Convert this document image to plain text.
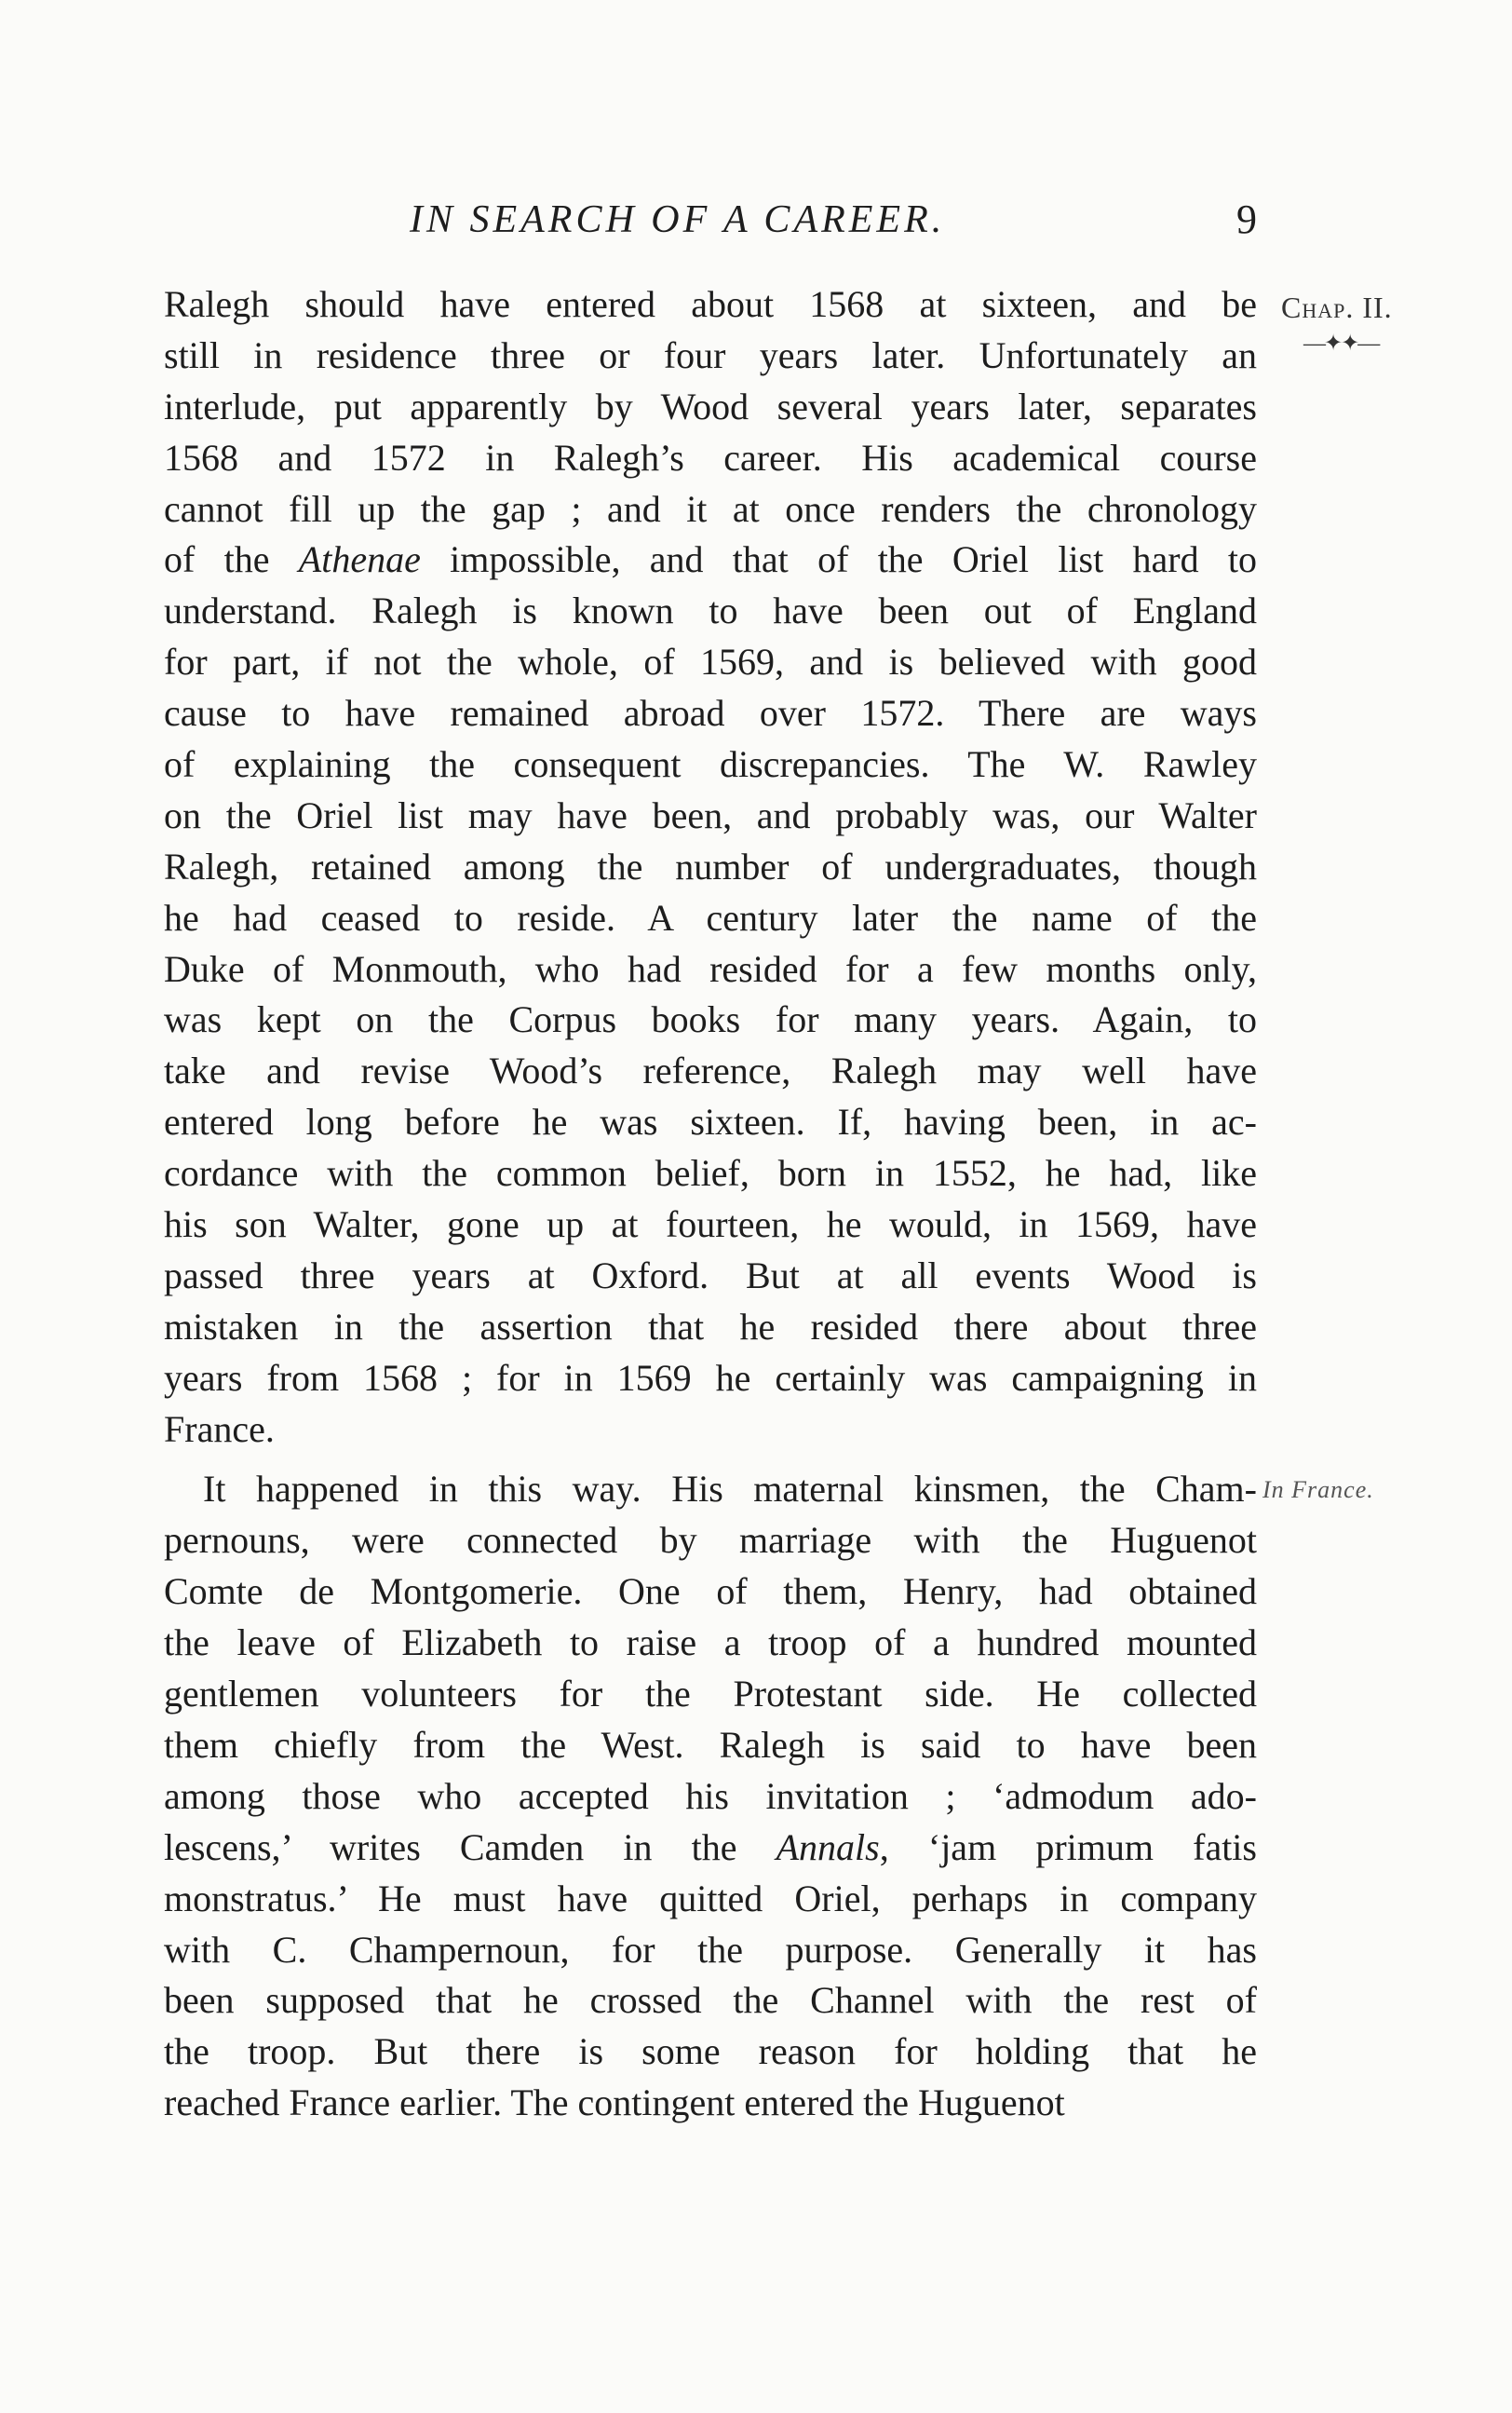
IN SEARCH OF A CAREER.	9
Chap. II.
—✦✦—
In France.
Ralegh should have entered about 1568 at sixteen, and be
still in residence three or four years later. Unfortunately an
interlude, put apparently by Wood several years later, separates
1568 and 1572 in Ralegh’s career. His academical course
cannot fill up the gap ; and it at once renders the chronology
of the Athenae impossible, and that of the Oriel list hard to
understand. Ralegh is known to have been out of England
for part, if not the whole, of 1569, and is believed with good
cause to have remained abroad over 1572. There are ways
of explaining the consequent discrepancies. The W. Rawley
on the Oriel list may have been, and probably was, our Walter
Ralegh, retained among the number of undergraduates, though
he had ceased to reside. A century later the name of the
Duke of Monmouth, who had resided for a few months only,
was kept on the Corpus books for many years. Again, to
take and revise Wood’s reference, Ralegh may well have
entered long before he was sixteen. If, having been, in ac-
cordance with the common belief, born in 1552, he had, like
his son Walter, gone up at fourteen, he would, in 1569, have
passed three years at Oxford. But at all events Wood is
mistaken in the assertion that he resided there about three
years from 1568 ; for in 1569 he certainly was campaigning in
France.
It happened in this way. His maternal kinsmen, the Cham-
pernouns, were connected by marriage with the Huguenot
Comte de Montgomerie. One of them, Henry, had obtained
the leave of Elizabeth to raise a troop of a hundred mounted
gentlemen volunteers for the Protestant side. He collected
them chiefly from the West. Ralegh is said to have been
among those who accepted his invitation ; ‘admodum ado-
lescens,’ writes Camden in the Annals, ‘jam primum fatis
monstratus.’ He must have quitted Oriel, perhaps in company
with C. Champernoun, for the purpose. Generally it has
been supposed that he crossed the Channel with the rest of
the troop. But there is some reason for holding that he
reached France earlier. The contingent entered the Huguenot
